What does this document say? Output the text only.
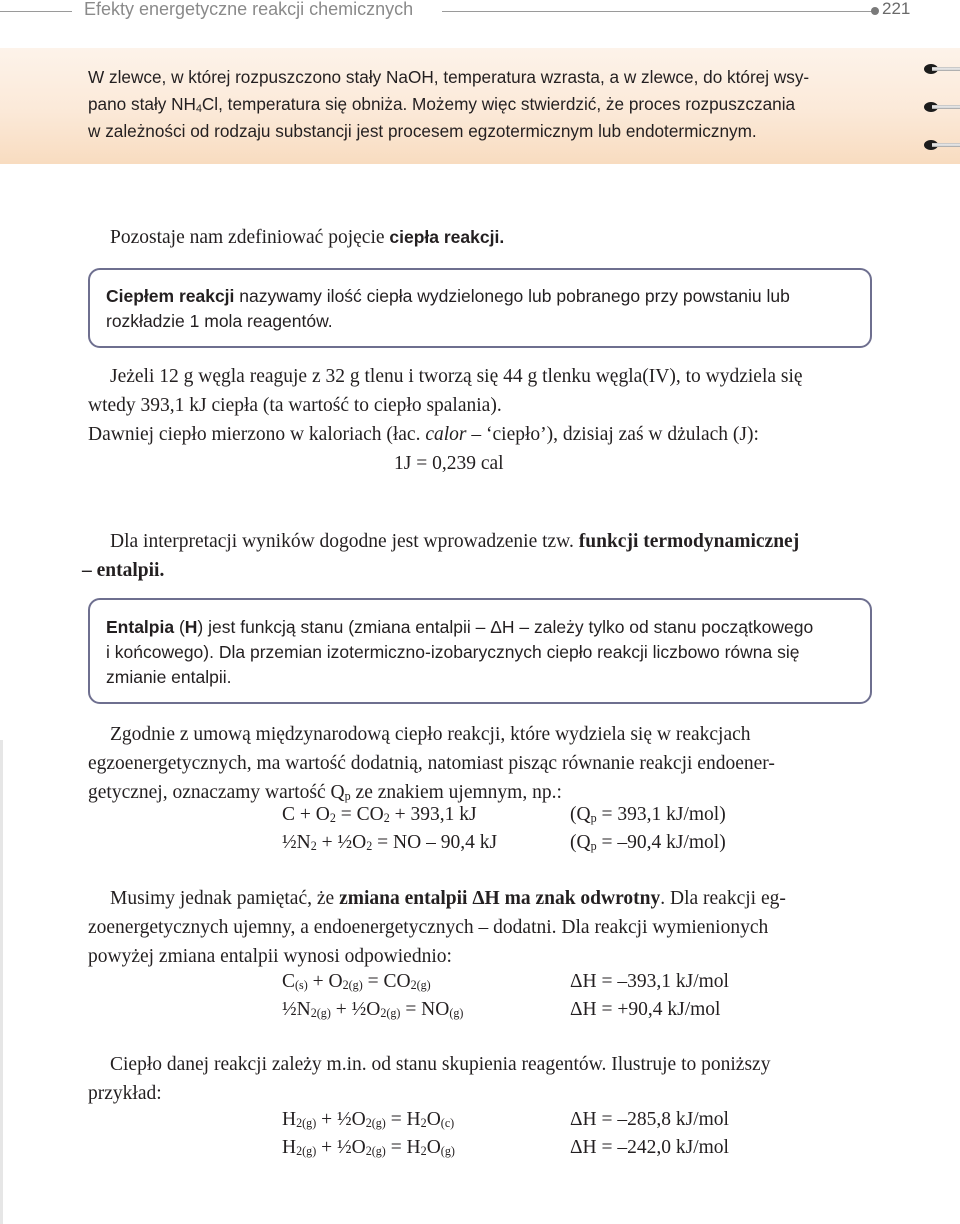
Efekty energetyczne reakcji chemicznych	221
W zlewce, w której rozpuszczono stały NaOH, temperatura wzrasta, a w zlewce, do której wsy-
pano stały $NH_4Cl$, temperatura się obniża. Możemy więc stwierdzić, że proces rozpuszczania
w zależności od rodzaju substancji jest procesem egzotermicznym lub endotermicznym.
Pozostaje nam zdefiniować pojęcie ciepła reakcji.
Ciepłem reakcji nazywamy ilość ciepła wydzielonego lub pobranego przy powstaniu lub
rozkładzie 1 mola reagentów.
Jeżeli 12 g węgla reaguje z 32 g tlenu i tworzą się 44 g tlenku węgla(IV), to wydziela się
wtedy 393,1 kJ ciepła (ta wartość to ciepło spalania).
Dawniej ciepło mierzono w kaloriach (łac. calor – ‘ciepło’), dzisiaj zaś w dżulach (J):
1J = 0,239 cal
Dla interpretacji wyników dogodne jest wprowadzenie tzw. funkcji termodynamicznej
– entalpii.
Entalpia (H) jest funkcją stanu (zmiana entalpii – ΔH – zależy tylko od stanu początkowego
i końcowego). Dla przemian izotermiczno-izobarycznych ciepło reakcji liczbowo równa się
zmianie entalpii.
Zgodnie z umową międzynarodową ciepło reakcji, które wydziela się w reakcjach
egzoenergetycznych, ma wartość dodatnią, natomiast pisząc równanie reakcji endoener-
getycznej, oznaczamy wartość $Q_p$ ze znakiem ujemnym, np.:
$C + O_2 = CO_2 + 393,1$ kJ	($Q_p = 393,1$ kJ/mol)
$\frac{1}{2}N_2$ + $\frac{1}{2}O_2$ = NO – 90,4 kJ	($Q_p = -90,4$ kJ/mol)
Musimy jednak pamiętać, że zmiana entalpii ΔH ma znak odwrotny. Dla reakcji eg-
zoenergetycznych ujemny, a endoenergetycznych – dodatni. Dla reakcji wymienionych
powyżej zmiana entalpii wynosi odpowiednio:
$C_{(s)} + O_{2(g)} = CO_{2(g)}$	ΔH = –393,1 kJ/mol
$\frac{1}{2}N_{2(g)}$ + $\frac{1}{2}O_{2(g)} = NO_{(g)}$	ΔH = +90,4 kJ/mol
Ciepło danej reakcji zależy m.in. od stanu skupienia reagentów. Ilustruje to poniższy
przykład:
$H_{2(g)}$ + $\frac{1}{2}O_{2(g)} = H_2O_{(c)}$	ΔH = –285,8 kJ/mol
$H_{2(g)}$ + $\frac{1}{2}O_{2(g)} = H_2O_{(g)}$	ΔH = –242,0 kJ/mol
